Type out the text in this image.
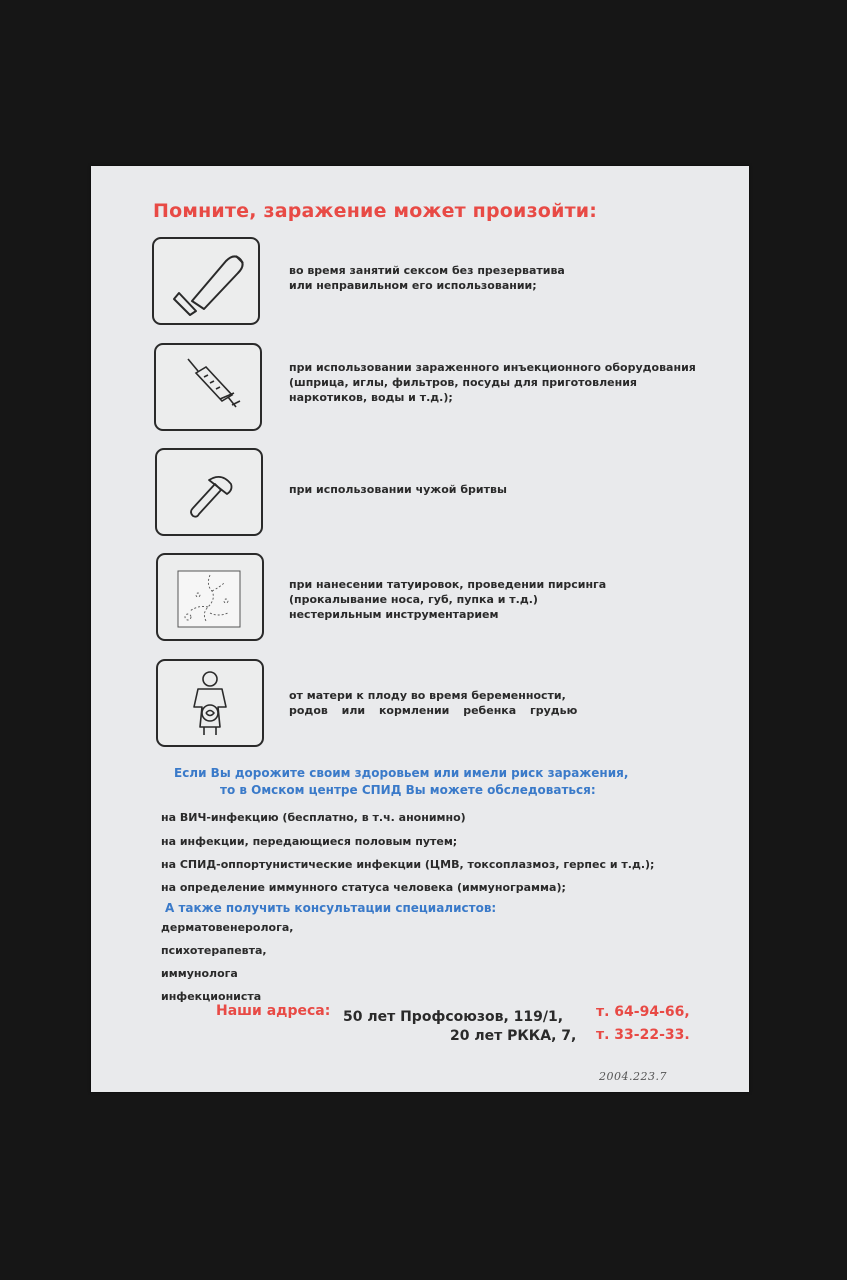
Помните, заражение может произойти:
во время занятий сексом без презерватива
или неправильном его использовании;
при использовании зараженного инъекционного оборудования
(шприца, иглы, фильтров, посуды для приготовления
наркотиков, воды и т.д.);
при использовании чужой бритвы
при нанесении татуировок, проведении пирсинга
(прокалывание носа, губ, пупка и т.д.)
нестерильным инструментарием
от матери к плоду во время беременности,
родов или кормлении ребенка грудью
Если Вы дорожите своим здоровьем или имели риск заражения,
то в Омском центре СПИД Вы можете обследоваться:
на ВИЧ-инфекцию (бесплатно, в т.ч. анонимно)
на инфекции, передающиеся половым путем;
на СПИД-оппортунистические инфекции (ЦМВ, токсоплазмоз, герпес и т.д.);
на определение иммунного статуса человека (иммунограмма);
А также получить консультации специалистов:
дерматовенеролога,
психотерапевта,
иммунолога
инфекциониста
Наши адреса: 50 лет Профсоюзов, 119/1, т. 64-94-66,
20 лет РККА, 7, т. 33-22-33.
2004.223.7
